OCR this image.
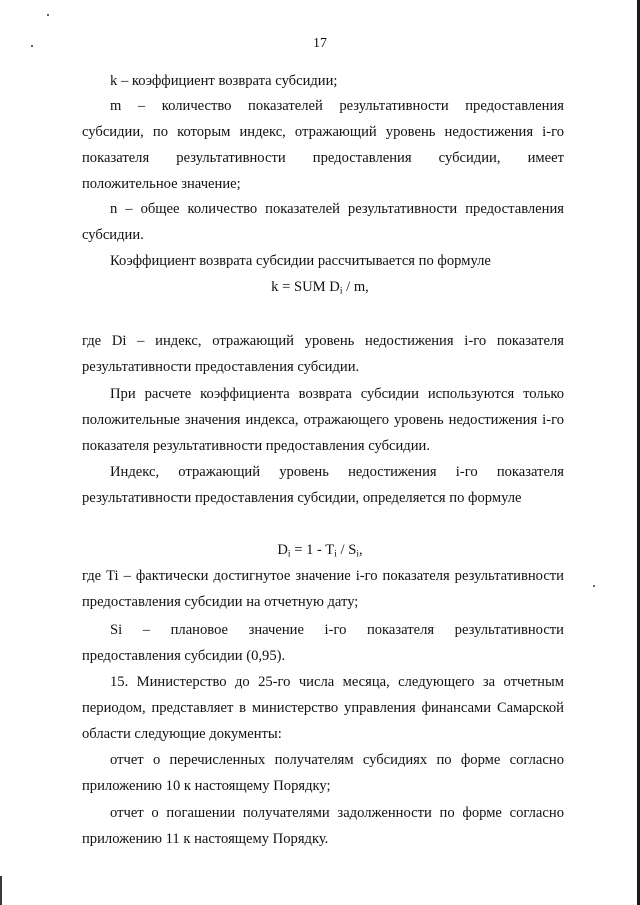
17
k – коэффициент возврата субсидии;
m – количество показателей результативности предоставления субсидии, по которым индекс, отражающий уровень недостижения i-го показателя результативности предоставления субсидии, имеет положительное значение;
n – общее количество показателей результативности предоставления субсидии.
Коэффициент возврата субсидии рассчитывается по формуле
k = SUM $D_i$ / m,
где Di – индекс, отражающий уровень недостижения i-го показателя результативности предоставления субсидии.
При расчете коэффициента возврата субсидии используются только положительные значения индекса, отражающего уровень недостижения i-го показателя результативности предоставления субсидии.
Индекс, отражающий уровень недостижения i-го показателя результативности предоставления субсидии, определяется по формуле
$D_i = 1 - T_i / S_i$,
где Ti – фактически достигнутое значение i-го показателя результативности предоставления субсидии на отчетную дату;
Si – плановое значение i-го показателя результативности предоставления субсидии (0,95).
15. Министерство до 25-го числа месяца, следующего за отчетным периодом, представляет в министерство управления финансами Самарской области следующие документы:
отчет о перечисленных получателям субсидиях по форме согласно приложению 10 к настоящему Порядку;
отчет о погашении получателями задолженности по форме согласно приложению 11 к настоящему Порядку.
